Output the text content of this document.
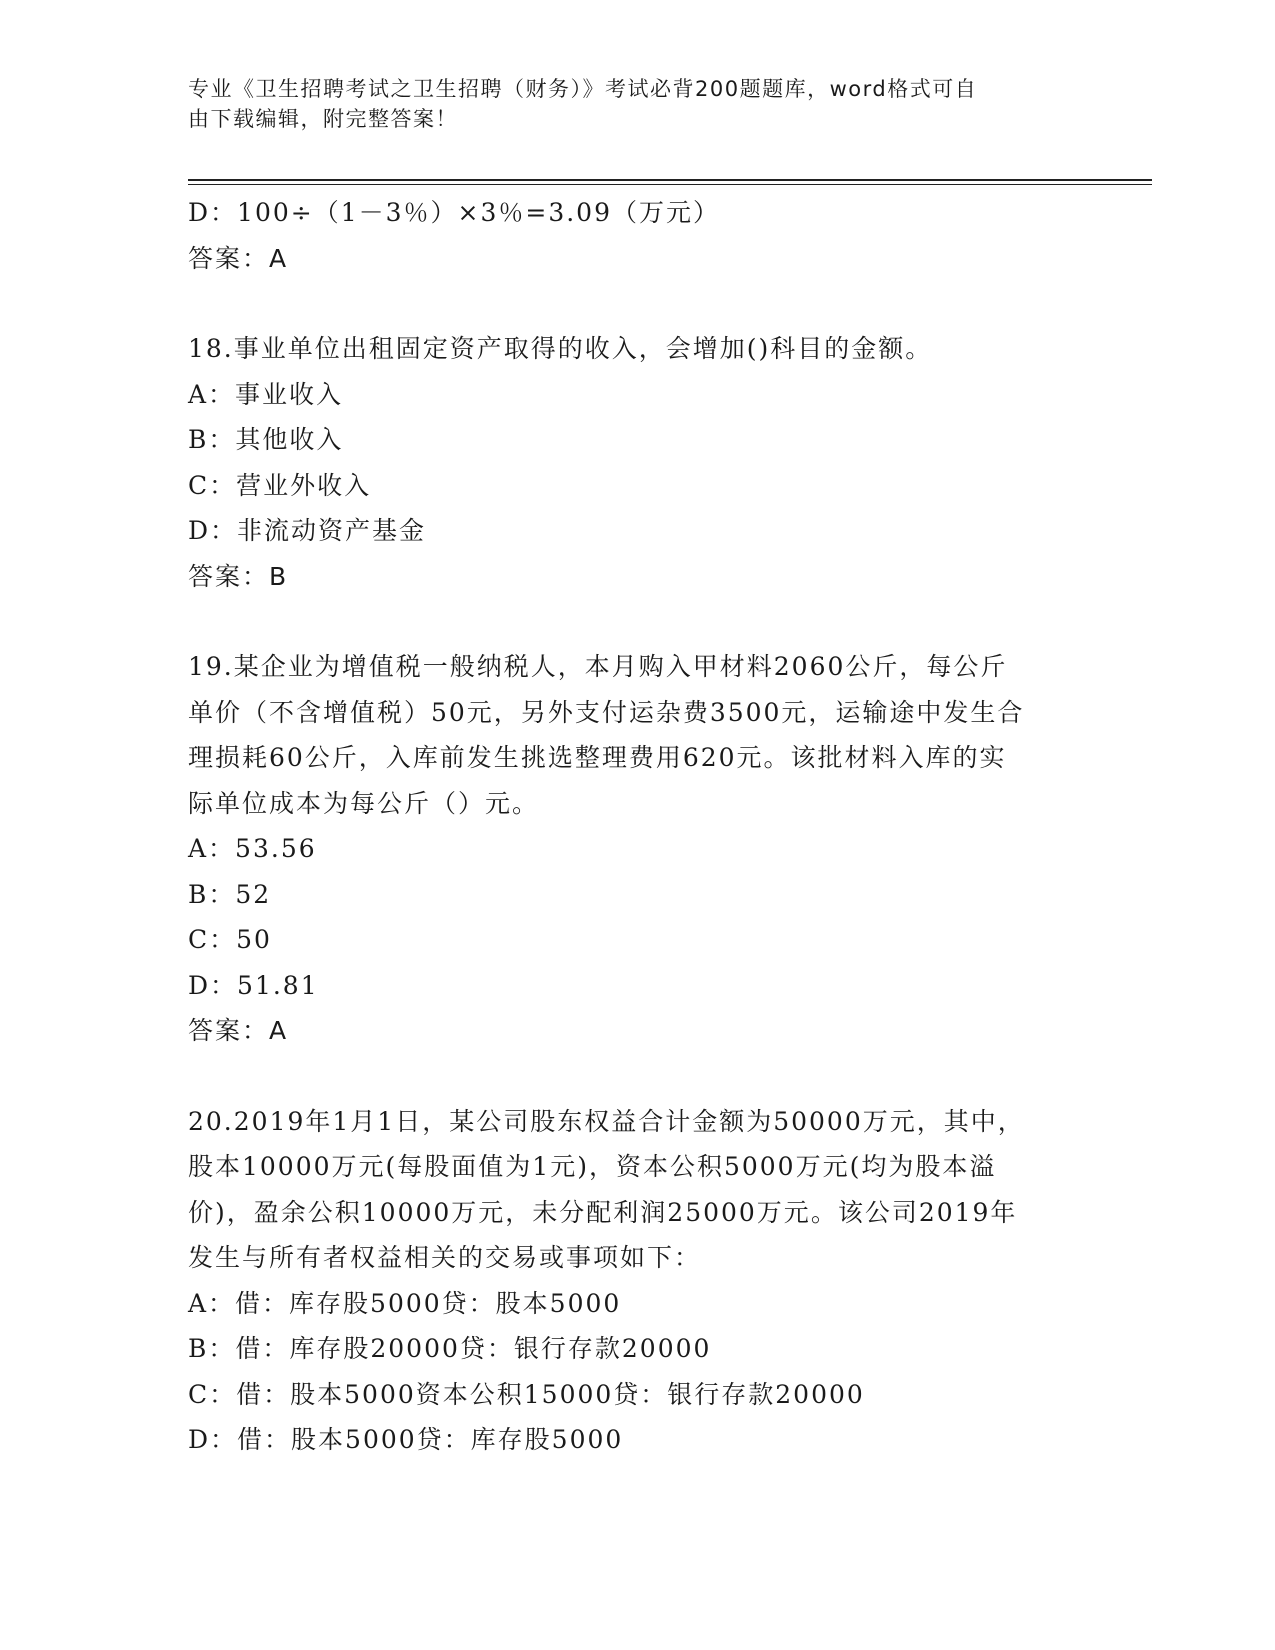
专业《卫生招聘考试之卫生招聘（财务）》考试必背200题题库，word格式可自
由下载编辑，附完整答案！
D：100÷（1－3％）×3％=3.09（万元）
答案：A
18.事业单位出租固定资产取得的收入，会增加()科目的金额。
A：事业收入
B：其他收入
C：营业外收入
D：非流动资产基金
答案：B
19.某企业为增值税一般纳税人，本月购入甲材料2060公斤，每公斤
单价（不含增值税）50元，另外支付运杂费3500元，运输途中发生合
理损耗60公斤，入库前发生挑选整理费用620元。该批材料入库的实
际单位成本为每公斤（）元。
A：53.56
B：52
C：50
D：51.81
答案：A
20.2019年1月1日，某公司股东权益合计金额为50000万元，其中，
股本10000万元(每股面值为1元)，资本公积5000万元(均为股本溢
价)，盈余公积10000万元，未分配利润25000万元。该公司2019年
发生与所有者权益相关的交易或事项如下：
A：借：库存股5000贷：股本5000
B：借：库存股20000贷：银行存款20000
C：借：股本5000资本公积15000贷：银行存款20000
D：借：股本5000贷：库存股5000
